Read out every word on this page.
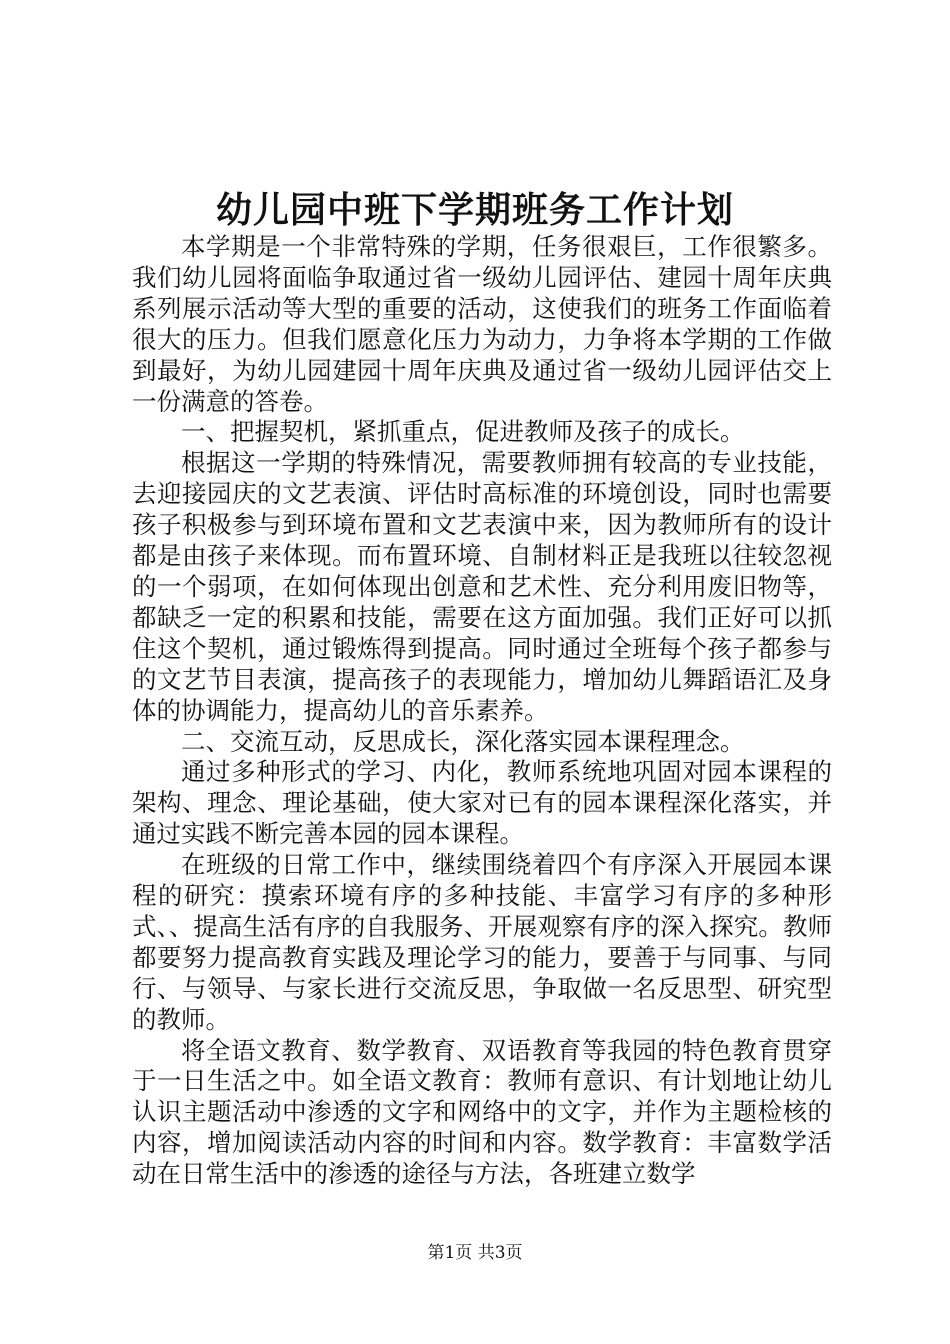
幼儿园中班下学期班务工作计划

本学期是一个非常特殊的学期，任务很艰巨，工作很繁多。我们幼儿园将面临争取通过省一级幼儿园评估、建园十周年庆典系列展示活动等大型的重要的活动，这使我们的班务工作面临着很大的压力。但我们愿意化压力为动力，力争将本学期的工作做到最好，为幼儿园建园十周年庆典及通过省一级幼儿园评估交上一份满意的答卷。

一、把握契机，紧抓重点，促进教师及孩子的成长。

根据这一学期的特殊情况，需要教师拥有较高的专业技能，去迎接园庆的文艺表演、评估时高标准的环境创设，同时也需要孩子积极参与到环境布置和文艺表演中来，因为教师所有的设计都是由孩子来体现。而布置环境、自制材料正是我班以往较忽视的一个弱项，在如何体现出创意和艺术性、充分利用废旧物等，都缺乏一定的积累和技能，需要在这方面加强。我们正好可以抓住这个契机，通过锻炼得到提高。同时通过全班每个孩子都参与的文艺节目表演，提高孩子的表现能力，增加幼儿舞蹈语汇及身体的协调能力，提高幼儿的音乐素养。

二、交流互动，反思成长，深化落实园本课程理念。

通过多种形式的学习、内化，教师系统地巩固对园本课程的架构、理念、理论基础，使大家对已有的园本课程深化落实，并通过实践不断完善本园的园本课程。

在班级的日常工作中，继续围绕着四个有序深入开展园本课程的研究：摸索环境有序的多种技能、丰富学习有序的多种形式、、提高生活有序的自我服务、开展观察有序的深入探究。教师都要努力提高教育实践及理论学习的能力，要善于与同事、与同行、与领导、与家长进行交流反思，争取做一名反思型、研究型的教师。

将全语文教育、数学教育、双语教育等我园的特色教育贯穿于一日生活之中。如全语文教育：教师有意识、有计划地让幼儿认识主题活动中渗透的文字和网络中的文字，并作为主题检核的内容，增加阅读活动内容的时间和内容。数学教育：丰富数学活动在日常生活中的渗透的途径与方法，各班建立数学

第1页 共3页
